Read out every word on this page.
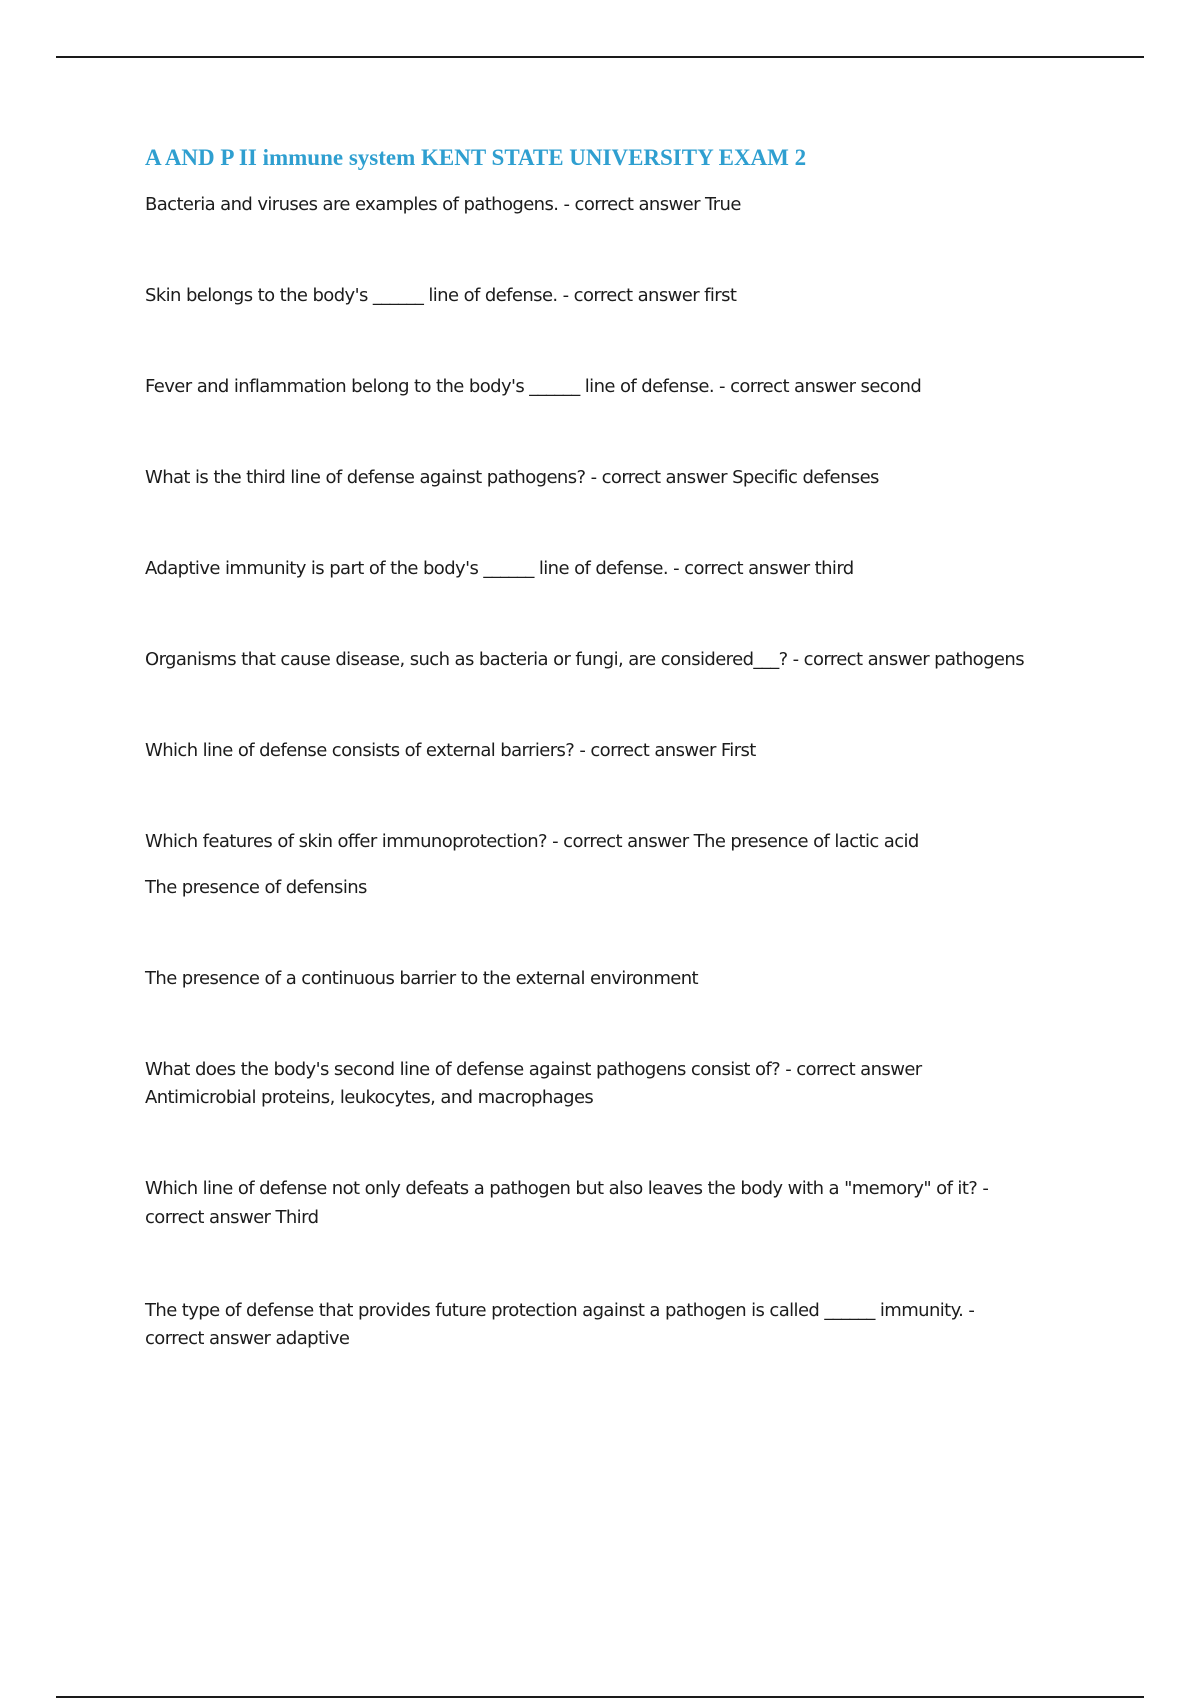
A AND P II immune system KENT STATE UNIVERSITY EXAM 2

Bacteria and viruses are examples of pathogens. - correct answer True

Skin belongs to the body's ______ line of defense. - correct answer first

Fever and inflammation belong to the body's ______ line of defense. - correct answer second

What is the third line of defense against pathogens? - correct answer Specific defenses

Adaptive immunity is part of the body's ______ line of defense. - correct answer third

Organisms that cause disease, such as bacteria or fungi, are considered___? - correct answer pathogens

Which line of defense consists of external barriers? - correct answer First

Which features of skin offer immunoprotection? - correct answer The presence of lactic acid

The presence of defensins

The presence of a continuous barrier to the external environment

What does the body's second line of defense against pathogens consist of? - correct answer

Antimicrobial proteins, leukocytes, and macrophages

Which line of defense not only defeats a pathogen but also leaves the body with a "memory" of it? -

correct answer Third

The type of defense that provides future protection against a pathogen is called ______ immunity. -

correct answer adaptive
